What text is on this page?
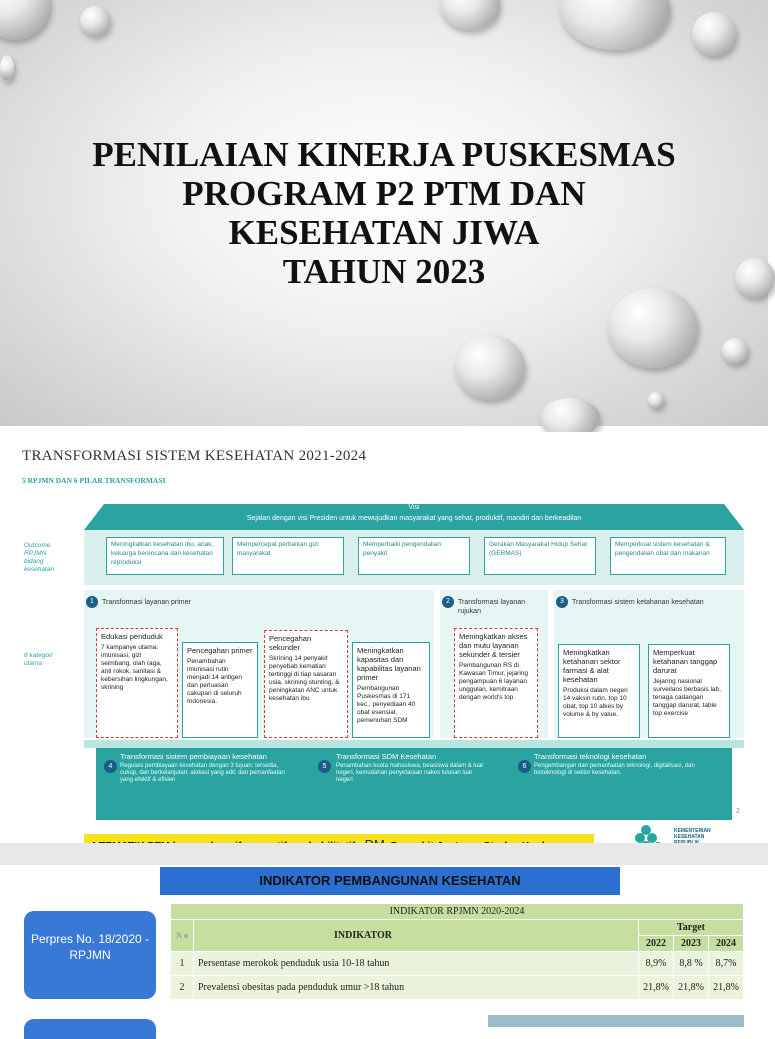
PENILAIAN KINERJA PUSKESMAS
PROGRAM P2 PTM DAN
KESEHATAN JIWA
TAHUN 2023
TRANSFORMASI SISTEM KESEHATAN 2021-2024
5 RPJMN DAN 6 PILAR TRANSFORMASI
Visi
Sejalan dengan visi Presiden untuk mewujudkan masyarakat yang sehat, produktif, mandiri dan berkeadilan
Outcome RPJMN bidang kesehatan
6 kategori utama
Meningkatkan kesehatan ibu, anak, keluarga berencana dan kesehatan reproduksi
Mempercepat perbaikan gizi masyarakat
Memperbaiki pengendalian penyakit
Gerakan Masyarakat Hidup Sehat (GERMAS)
Memperkuat sistem kesehatan & pengendalian obat dan makanan
1	Transformasi layanan primer	2	Transformasi layanan rujukan
3	Transformasi sistem ketahanan kesehatan
Edukasi penduduk
7 kampanye utama: imunisasi, gizi seimbang, olah raga, anti rokok, sanitasi & kebersihan lingkungan, skrining
Pencegahan primer
Penambahan imunisasi rutin menjadi 14 antigen dan perluasan cakupan di seluruh Indonesia.
Pencegahan sekunder
Skrining 14 penyakit penyebab kematian tertinggi di tiap sasaran usia, skrining stunting, & peningkatan ANC untuk kesehatan ibu
Meningkatkan kapasitas dan kapabilitas layanan primer
Pembangunan Puskesmas di 171 kec., penyediaan 40 obat esensial, pemenuhan SDM
Meningkatkan akses dan mutu layanan sekunder & tersier
Pembangunan RS di Kawasan Timur, jejaring pengampuan 6 layanan unggulan, kemitraan dengan world's top
Meningkatkan ketahanan sektor farmasi & alat kesehatan
Produksi dalam negeri 14 vaksin rutin, top 10 obat, top 10 alkes by volume & by value.
Memperkuat ketahanan tanggap darurat
Jejaring nasional surveilans berbasis lab, tenaga cadangan tanggap darurat, table top exercise
4
Transformasi sistem pembiayaan kesehatan
Regulasi pembiayaan kesehatan dengan 3 tujuan: tersedia, cukup, dan berkelanjutan; alokasi yang adil; dan pemanfaatan yang efektif & efisien
5
Transformasi SDM Kesehatan
Penambahan kuota mahasiswa, beasiswa dalam & luar negeri, kemudahan penyetaraan nakes lulusan luar negeri
6
Transformasi teknologi kesehatan
Pengembangan dan pemanfaatan teknologi, digitalisasi, dan bioteknologi di sektor kesehatan.
KEMENTERIAN
KESEHATAN
2
INDIKATOR PEMBANGUNAN KESEHATAN
Perpres No. 18/2020 - RPJMN
INDIKATOR RPJMN 2020-2024				
N o	INDIKATOR	Target		
		2022	2023	2024
1	Persentase merokok penduduk usia 10-18 tahun	8,9%	8,8 %	8,7%
2	Prevalensi obesitas pada penduduk umur >18 tahun	21,8%	21,8%	21,8%
